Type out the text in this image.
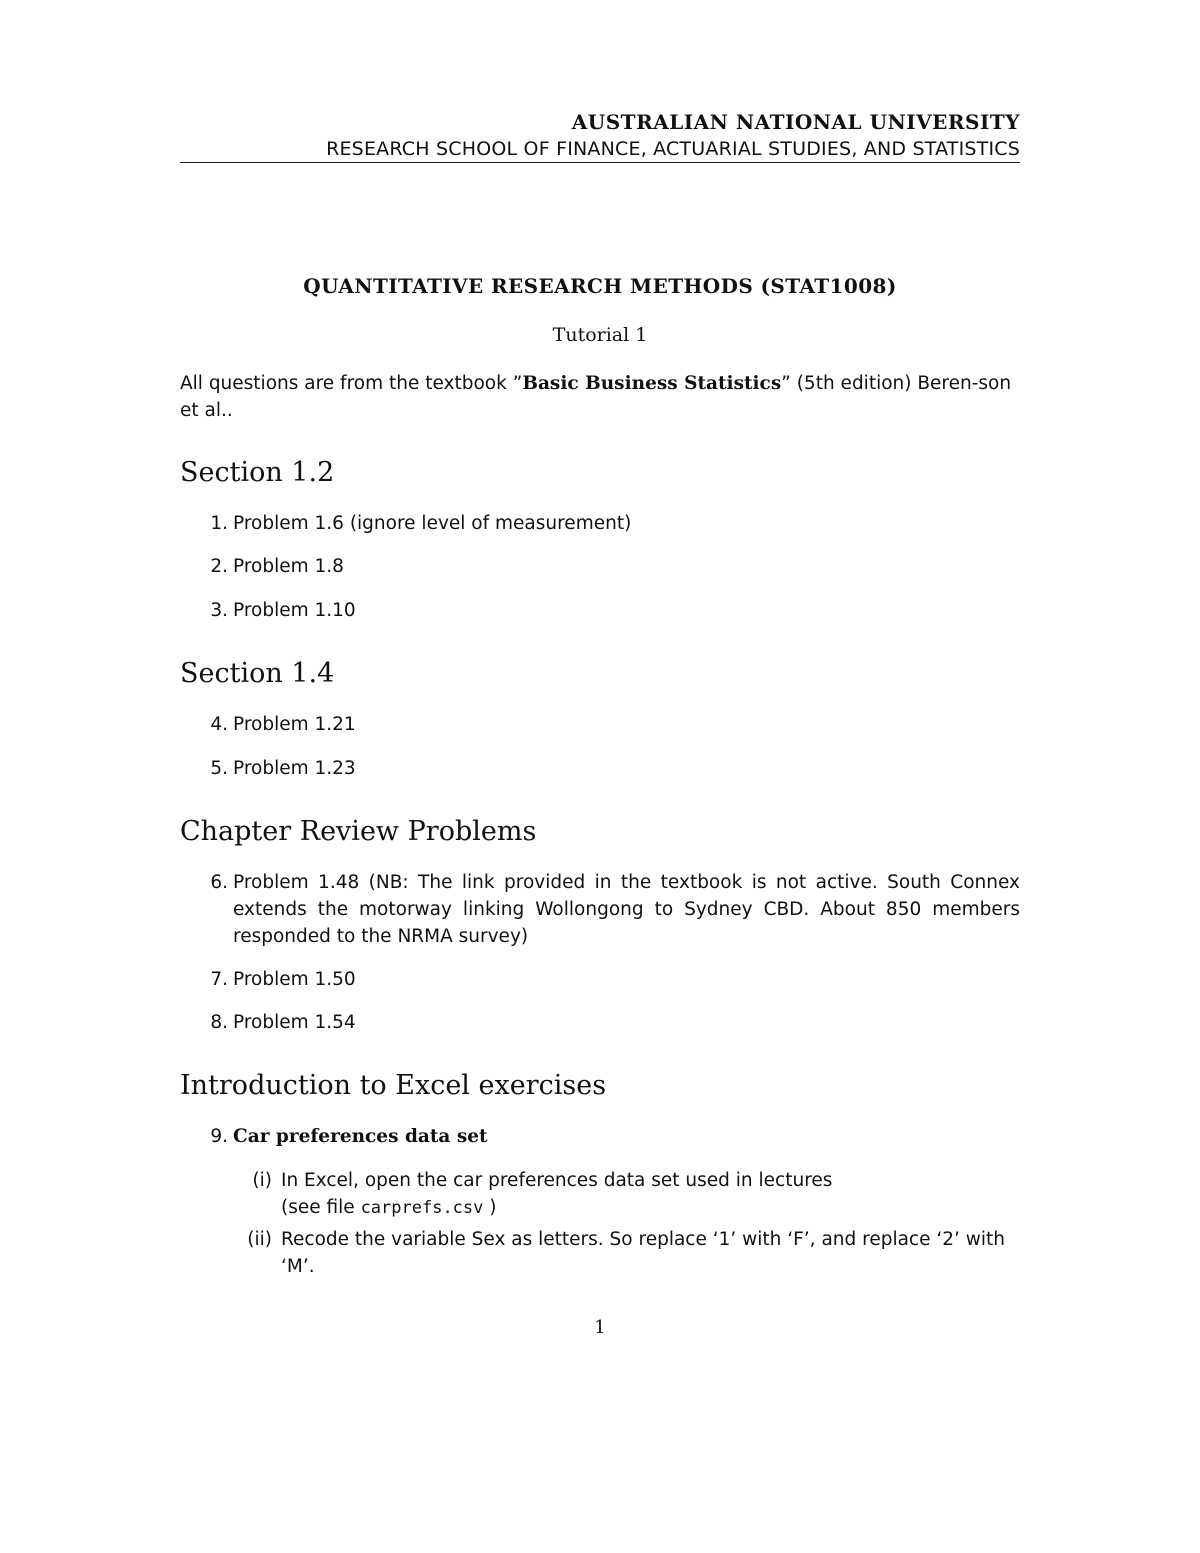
AUSTRALIAN NATIONAL UNIVERSITY
RESEARCH SCHOOL OF FINANCE, ACTUARIAL STUDIES, AND STATISTICS
QUANTITATIVE RESEARCH METHODS (STAT1008)
Tutorial 1
All questions are from the textbook ”Basic Business Statistics” (5th edition) Beren-son et al..
Section 1.2
1. Problem 1.6 (ignore level of measurement)
2. Problem 1.8
3. Problem 1.10
Section 1.4
4. Problem 1.21
5. Problem 1.23
Chapter Review Problems
6. Problem 1.48 (NB: The link provided in the textbook is not active. South Connex extends the motorway linking Wollongong to Sydney CBD. About 850 members responded to the NRMA survey)
7. Problem 1.50
8. Problem 1.54
Introduction to Excel exercises
9. Car preferences data set
(i) In Excel, open the car preferences data set used in lectures
(see file carprefs.csv )
(ii) Recode the variable Sex as letters. So replace ‘1’ with ‘F’, and replace ‘2’ with ‘M’.
1
